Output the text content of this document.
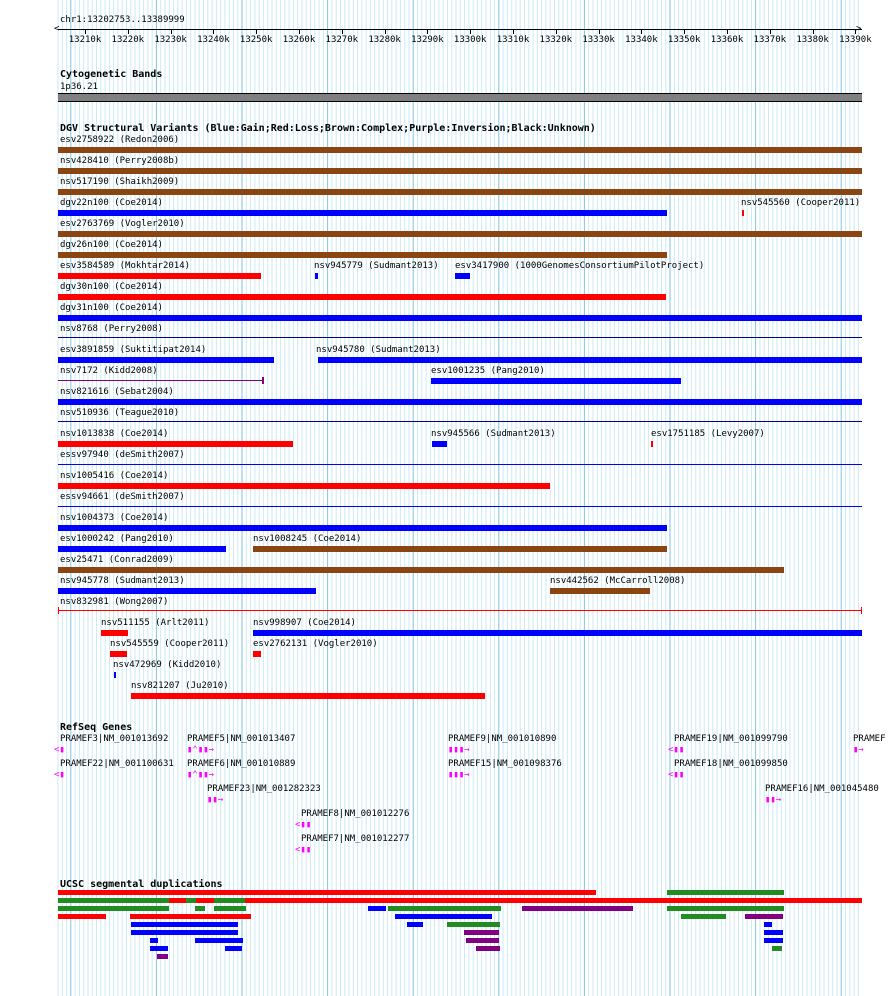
chr1:13202753..13389999
<	>
13210k 13220k 13230k 13240k 13250k 13260k 13270k 13280k 13290k 13300k 13310k 13320k 13330k 13340k 13350k 13360k 13370k 13380k 13390k
Cytogenetic Bands
1p36.21
DGV Structural Variants (Blue:Gain;Red:Loss;Brown:Complex;Purple:Inversion;Black:Unknown)
esv2758922 (Redon2006)
nsv428410 (Perry2008b)
nsv517190 (Shaikh2009)
dgv22n100 (Coe2014)	nsv545560 (Cooper2011)
esv2763769 (Vogler2010)
dgv26n100 (Coe2014)
esv3584589 (Mokhtar2014)	nsv945779 (Sudmant2013) esv3417900 (1000GenomesConsortiumPilotProject)
dgv30n100 (Coe2014)
dgv31n100 (Coe2014)
nsv8768 (Perry2008)
esv3891859 (Suktitipat2014)	nsv945780 (Sudmant2013)
nsv7172 (Kidd2008)	esv1001235 (Pang2010)
nsv821616 (Sebat2004)
nsv510936 (Teague2010)
nsv1013838 (Coe2014)	nsv945566 (Sudmant2013)	esv1751185 (Levy2007)
essv97940 (deSmith2007)
nsv1005416 (Coe2014)
essv94661 (deSmith2007)
nsv1004373 (Coe2014)
esv1000242 (Pang2010)	nsv1008245 (Coe2014)
esv25471 (Conrad2009)
nsv945778 (Sudmant2013)	nsv442562 (McCarroll2008)
nsv832981 (Wong2007)
nsv511155 (Arlt2011)	nsv998907 (Coe2014)
nsv545559 (Cooper2011)	esv2762131 (Vogler2010)
nsv472969 (Kidd2010)
nsv821207 (Ju2010)
RefSeq Genes
PRAMEF3|NM_001013692
<▮
PRAMEF5|NM_001013407
▮⌃▮▮→
PRAMEF9|NM_001010890
▮▮▮→
PRAMEF19|NM_001099790
<▮▮
PRAMEF
▮→
PRAMEF22|NM_001100631
<▮
PRAMEF6|NM_001010889
▮⌃▮▮→
PRAMEF15|NM_001098376
▮▮▮→
PRAMEF18|NM_001099850
<▮▮
PRAMEF23|NM_001282323
▮▮→
PRAMEF16|NM_001045480
▮▮→
PRAMEF8|NM_001012276
<▮▮
PRAMEF7|NM_001012277
<▮▮
UCSC segmental duplications
